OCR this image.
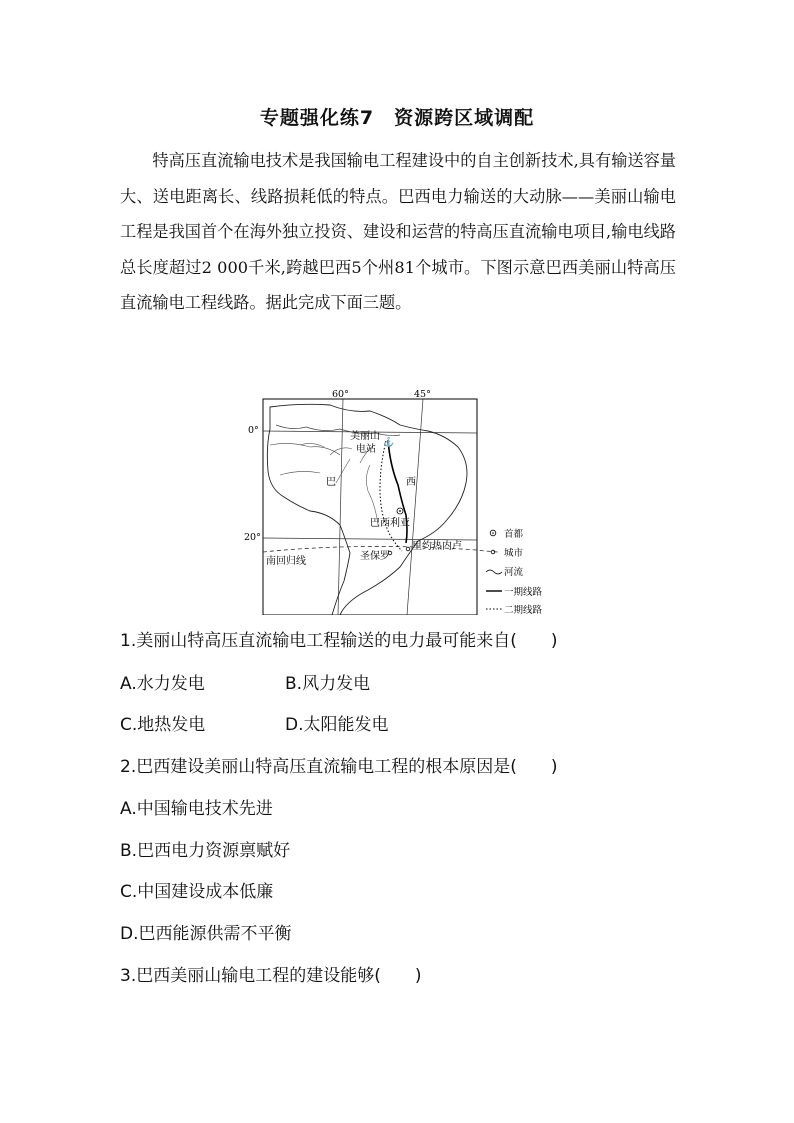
专题强化练7　资源跨区域调配

特高压直流输电技术是我国输电工程建设中的自主创新技术,具有输送容量大、送电距离长、线路损耗低的特点。巴西电力输送的大动脉——美丽山输电工程是我国首个在海外独立投资、建设和运营的特高压直流输电项目,输电线路总长度超过2 000千米,跨越巴西5个州81个城市。下图示意巴西美丽山特高压直流输电工程线路。据此完成下面三题。

⚓
60°	45°
0°
20°
南回归线
美丽山
电站
巴	西
巴西利亚
圣保罗
里约热内卢
首都
城市
河流
一期线路
二期线路
1.美丽山特高压直流输电工程输送的电力最可能来自(　　)
A.水力发电	B.风力发电
C.地热发电	D.太阳能发电
2.巴西建设美丽山特高压直流输电工程的根本原因是(　　)
A.中国输电技术先进
B.巴西电力资源禀赋好
C.中国建设成本低廉
D.巴西能源供需不平衡
3.巴西美丽山输电工程的建设能够(　　)
